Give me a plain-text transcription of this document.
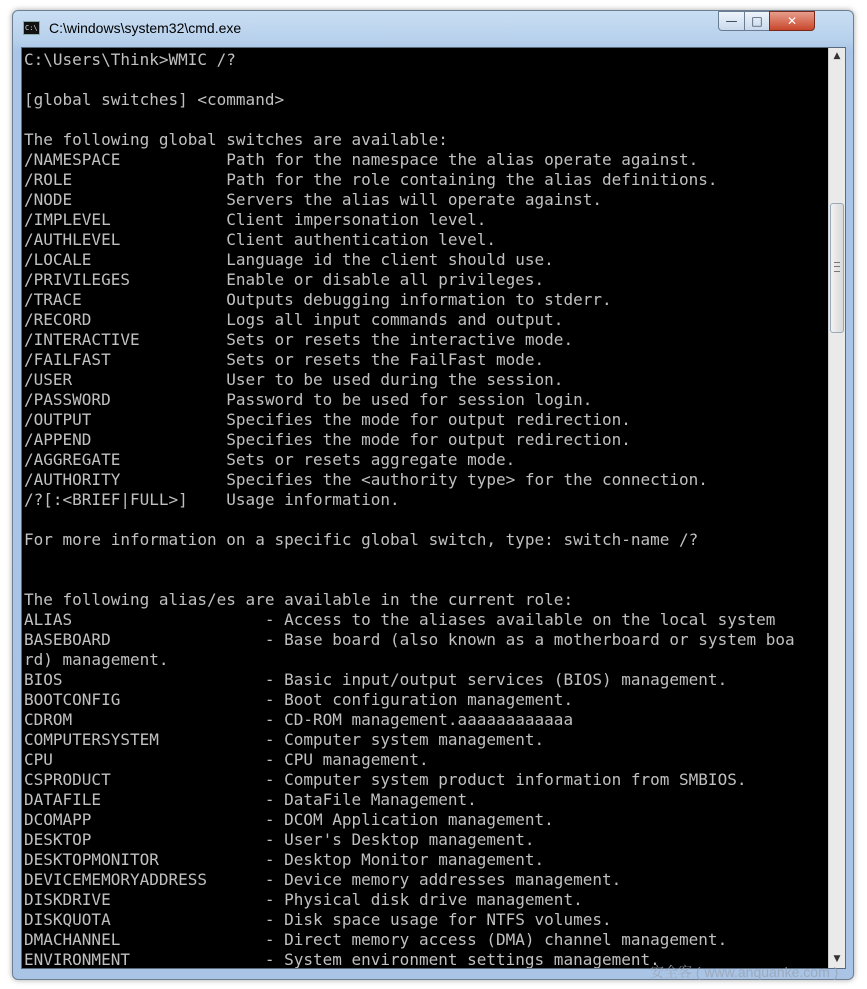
C:\ C:\windows\system32\cmd.exe	—	□	✕
C:\Users\Think>WMIC /?
[global switches] <command>
The following global switches are available:
/NAMESPACE           Path for the namespace the alias operate against.
/ROLE                Path for the role containing the alias definitions.
/NODE                Servers the alias will operate against.
/IMPLEVEL            Client impersonation level.
/AUTHLEVEL           Client authentication level.
/LOCALE              Language id the client should use.
/PRIVILEGES          Enable or disable all privileges.
/TRACE               Outputs debugging information to stderr.
/RECORD              Logs all input commands and output.
/INTERACTIVE         Sets or resets the interactive mode.
/FAILFAST            Sets or resets the FailFast mode.
/USER                User to be used during the session.
/PASSWORD            Password to be used for session login.
/OUTPUT              Specifies the mode for output redirection.
/APPEND              Specifies the mode for output redirection.
/AGGREGATE           Sets or resets aggregate mode.
/AUTHORITY           Specifies the <authority type> for the connection.
/?[:<BRIEF|FULL>]    Usage information.
For more information on a specific global switch, type: switch-name /?
The following alias/es are available in the current role:
ALIAS                    - Access to the aliases available on the local system
BASEBOARD                - Base board (also known as a motherboard or system boa
rd) management.
BIOS                     - Basic input/output services (BIOS) management.
BOOTCONFIG               - Boot configuration management.
CDROM                    - CD-ROM management.aaaaaaaaaaaa
COMPUTERSYSTEM           - Computer system management.
CPU                      - CPU management.
CSPRODUCT                - Computer system product information from SMBIOS.
DATAFILE                 - DataFile Management.
DCOMAPP                  - DCOM Application management.
DESKTOP                  - User's Desktop management.
DESKTOPMONITOR           - Desktop Monitor management.
DEVICEMEMORYADDRESS      - Device memory addresses management.
DISKDRIVE                - Physical disk drive management.
DISKQUOTA                - Disk space usage for NTFS volumes.
DMACHANNEL               - Direct memory access (DMA) channel management.
ENVIRONMENT              - System environment settings management.
▲
▼
安全客 ( www.anquanke.com )
